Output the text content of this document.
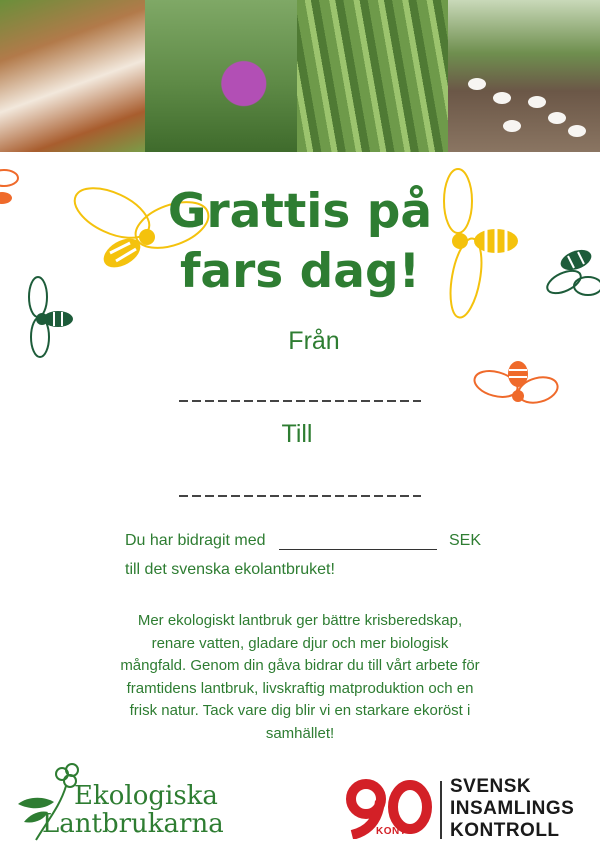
Grattis på
fars dag!
Från
Till
Du har bidragit med	SEK
till det svenska ekolantbruket!
Mer ekologiskt lantbruk ger bättre krisberedskap, renare vatten, gladare djur och mer biologisk mångfald. Genom din gåva bidrar du till vårt arbete för framtidens lantbruk, livskraftig matproduktion och en frisk natur. Tack vare dig blir vi en starkare ekoröst i samhället!
Ekologiska
Lantbrukarna	KONTO
SVENSK
INSAMLINGS
KONTROLL
